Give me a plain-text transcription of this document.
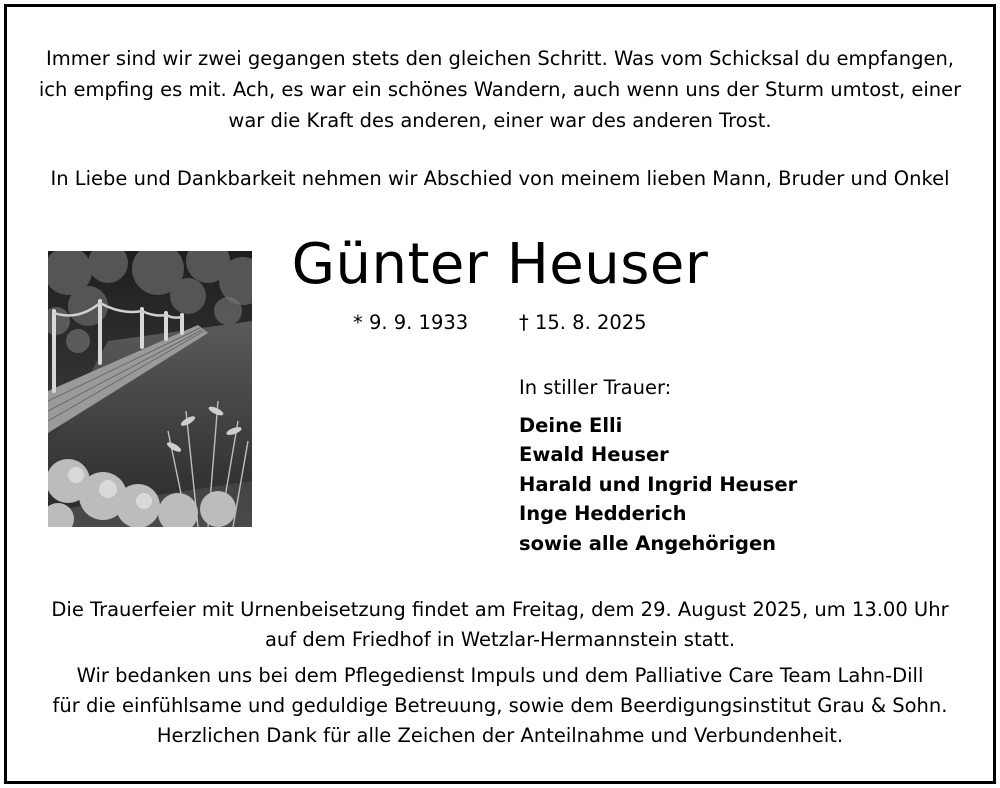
Immer sind wir zwei gegangen stets den gleichen Schritt. Was vom Schicksal du empfangen,
ich empfing es mit. Ach, es war ein schönes Wandern, auch wenn uns der Sturm umtost, einer
war die Kraft des anderen, einer war des anderen Trost.
In Liebe und Dankbarkeit nehmen wir Abschied von meinem lieben Mann, Bruder und Onkel
Günter Heuser
* 9. 9. 1933	† 15. 8. 2025
In stiller Trauer:
Deine Elli
Ewald Heuser
Harald und Ingrid Heuser
Inge Hedderich
sowie alle Angehörigen
Die Trauerfeier mit Urnenbeisetzung findet am Freitag, dem 29. August 2025, um 13.00 Uhr
auf dem Friedhof in Wetzlar-Hermannstein statt.
Wir bedanken uns bei dem Pflegedienst Impuls und dem Palliative Care Team Lahn-Dill
für die einfühlsame und geduldige Betreuung, sowie dem Beerdigungsinstitut Grau & Sohn.
Herzlichen Dank für alle Zeichen der Anteilnahme und Verbundenheit.
